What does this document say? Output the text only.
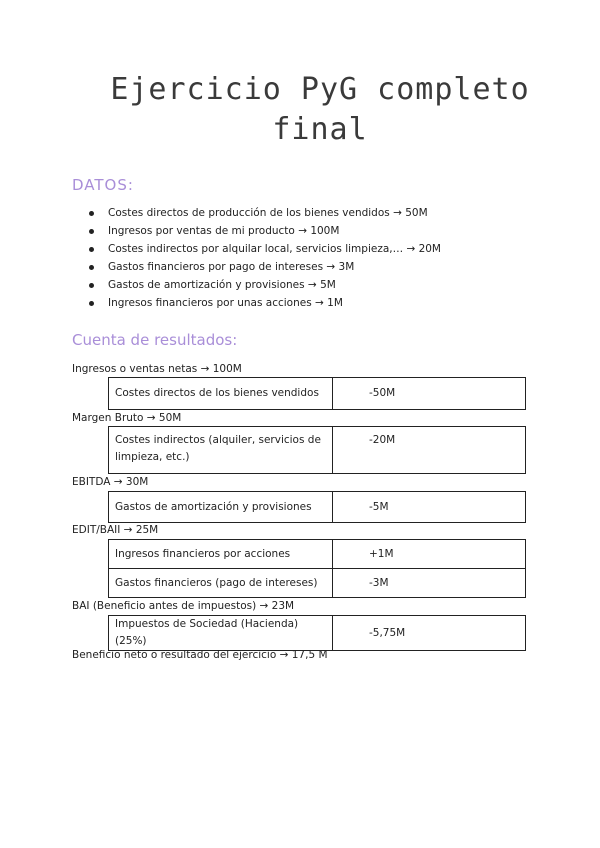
Ejercicio PyG completo
final
DATOS:
Costes directos de producción de los bienes vendidos → 50M
Ingresos por ventas de mi producto → 100M
Costes indirectos por alquilar local, servicios limpieza,… → 20M
Gastos financieros por pago de intereses → 3M
Gastos de amortización y provisiones → 5M
Ingresos financieros por unas acciones → 1M
Cuenta de resultados:
Ingresos o ventas netas → 100M
Costes directos de los bienes vendidos	-50M
Margen Bruto → 50M
Costes indirectos (alquiler, servicios de limpieza, etc.)	-20M
EBITDA → 30M
Gastos de amortización y provisiones	-5M
EDIT/BAII → 25M
Ingresos financieros por acciones	+1M
Gastos financieros (pago de intereses)	-3M
BAI (Beneficio antes de impuestos) → 23M
Impuestos de Sociedad (Hacienda) (25%)	-5,75M
Beneficio neto o resultado del ejercicio → 17,5 M
